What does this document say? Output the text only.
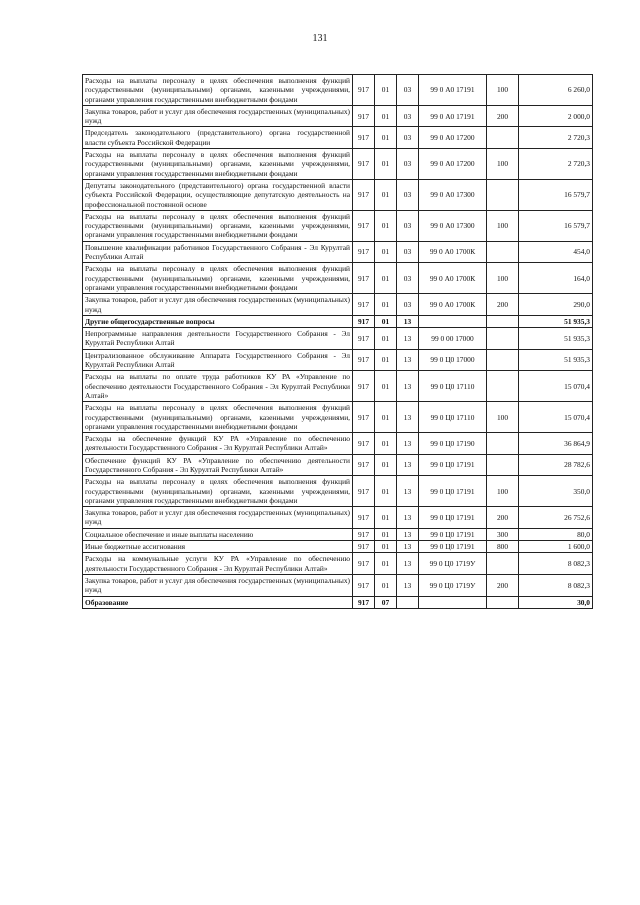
131
Расходы на выплаты персоналу в целях обеспечения выполнения функций государственными (муниципальными) органами, казенными учреждениями, органами управления государственными внебюджетными фондами	917	01	03	99 0 А0 17191	100	6 260,0
Закупка товаров, работ и услуг для обеспечения государственных (муниципальных) нужд	917	01	03	99 0 А0 17191	200	2 000,0
Председатель законодательного (представительного) органа государственной власти субъекта Российской Федерации	917	01	03	99 0 А0 17200		2 720,3
Расходы на выплаты персоналу в целях обеспечения выполнения функций государственными (муниципальными) органами, казенными учреждениями, органами управления государственными внебюджетными фондами	917	01	03	99 0 А0 17200	100	2 720,3
Депутаты законодательного (представительного) органа государственной власти субъекта Российской Федерации, осуществляющие депутатскую деятельность на профессиональной постоянной основе	917	01	03	99 0 А0 17300		16 579,7
Расходы на выплаты персоналу в целях обеспечения выполнения функций государственными (муниципальными) органами, казенными учреждениями, органами управления государственными внебюджетными фондами	917	01	03	99 0 А0 17300	100	16 579,7
Повышение квалификации работников Государственного Собрания - Эл Курултай Республики Алтай	917	01	03	99 0 А0 1700К		454,0
Расходы на выплаты персоналу в целях обеспечения выполнения функций государственными (муниципальными) органами, казенными учреждениями, органами управления государственными внебюджетными фондами	917	01	03	99 0 А0 1700К	100	164,0
Закупка товаров, работ и услуг для обеспечения государственных (муниципальных) нужд	917	01	03	99 0 А0 1700К	200	290,0
Другие общегосударственные вопросы	917	01	13			51 935,3
Непрограммные направления деятельности Государственного Собрания - Эл Курултай Республики Алтай	917	01	13	99 0 00 17000		51 935,3
Централизованное обслуживание Аппарата Государственного Собрания - Эл Курултай Республики Алтай	917	01	13	99 0 Ц0 17000		51 935,3
Расходы на выплаты по оплате труда работников КУ РА «Управление по обеспечению деятельности Государственного Собрания - Эл Курултай Республики Алтай»	917	01	13	99 0 Ц0 17110		15 070,4
Расходы на выплаты персоналу в целях обеспечения выполнения функций государственными (муниципальными) органами, казенными учреждениями, органами управления государственными внебюджетными фондами	917	01	13	99 0 Ц0 17110	100	15 070,4
Расходы на обеспечение функций КУ РА «Управление по обеспечению деятельности Государственного Собрания - Эл Курултай Республики Алтай»	917	01	13	99 0 Ц0 17190		36 864,9
Обеспечение функций КУ РА «Управление по обеспечению деятельности Государственного Собрания - Эл Курултай Республики Алтай»	917	01	13	99 0 Ц0 17191		28 782,6
Расходы на выплаты персоналу в целях обеспечения выполнения функций государственными (муниципальными) органами, казенными учреждениями, органами управления государственными внебюджетными фондами	917	01	13	99 0 Ц0 17191	100	350,0
Закупка товаров, работ и услуг для обеспечения государственных (муниципальных) нужд	917	01	13	99 0 Ц0 17191	200	26 752,6
Социальное обеспечение и иные выплаты населению	917	01	13	99 0 Ц0 17191	300	80,0
Иные бюджетные ассигнования	917	01	13	99 0 Ц0 17191	800	1 600,0
Расходы на коммунальные услуги КУ РА «Управление по обеспечению деятельности Государственного Собрания - Эл Курултай Республики Алтай»	917	01	13	99 0 Ц0 1719У		8 082,3
Закупка товаров, работ и услуг для обеспечения государственных (муниципальных) нужд	917	01	13	99 0 Ц0 1719У	200	8 082,3
Образование	917	07				30,0
